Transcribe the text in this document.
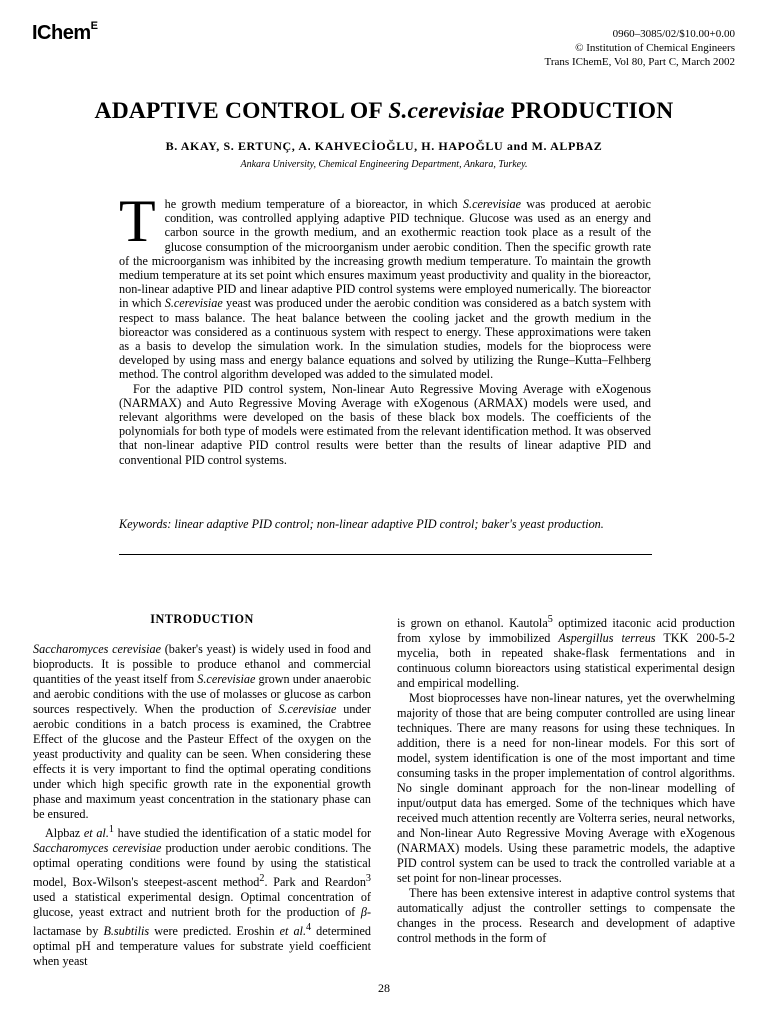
IChem$^E$
0960–3085/02/$10.00+0.00
© Institution of Chemical Engineers
Trans IChemE, Vol 80, Part C, March 2002
ADAPTIVE CONTROL OF S.cerevisiae PRODUCTION
B. AKAY, S. ERTUNÇ, A. KAHVECİOĞLU, H. HAPOĞLU and M. ALPBAZ
Ankara University, Chemical Engineering Department, Ankara, Turkey.

The growth medium temperature of a bioreactor, in which S.cerevisiae was produced at aerobic condition, was controlled applying adaptive PID technique. Glucose was used as an energy and carbon source in the growth medium, and an exothermic reaction took place as a result of the glucose consumption of the microorganism under aerobic condition. Then the specific growth rate of the microorganism was inhibited by the increasing growth medium temperature. To maintain the growth medium temperature at its set point which ensures maximum yeast productivity and quality in the bioreactor, non-linear adaptive PID and linear adaptive PID control systems were employed numerically. The bioreactor in which S.cerevisiae yeast was produced under the aerobic condition was considered as a batch system with respect to mass balance. The heat balance between the cooling jacket and the growth medium in the bioreactor was considered as a continuous system with respect to energy. These approximations were taken as a basis to develop the simulation work. In the simulation studies, models for the bioprocess were developed by using mass and energy balance equations and solved by utilizing the Runge–Kutta–Felhberg method. The control algorithm developed was added to the simulated model.

For the adaptive PID control system, Non-linear Auto Regressive Moving Average with eXogenous (NARMAX) and Auto Regressive Moving Average with eXogenous (ARMAX) models were used, and relevant algorithms were developed on the basis of these black box models. The coefficients of the polynomials for both type of models were estimated from the relevant identification method. It was observed that non-linear adaptive PID control results were better than the results of linear adaptive PID and conventional PID control systems.

Keywords: linear adaptive PID control; non-linear adaptive PID control; baker's yeast production.

INTRODUCTION

Saccharomyces cerevisiae (baker's yeast) is widely used in food and bioproducts. It is possible to produce ethanol and commercial quantities of the yeast itself from S.cerevisiae grown under anaerobic and aerobic conditions with the use of molasses or glucose as carbon sources respectively. When the production of S.cerevisiae under aerobic conditions in a batch process is examined, the Crabtree Effect of the glucose and the Pasteur Effect of the oxygen on the yeast productivity and quality can be seen. When considering these effects it is very important to find the optimal operating conditions under which high specific growth rate in the exponential growth phase and maximum yeast concentration in the stationary phase can be ensured.

Alpbaz et al.$^1$ have studied the identification of a static model for Saccharomyces cerevisiae production under aerobic conditions. The optimal operating conditions were found by using the statistical model, Box-Wilson's steepest-ascent method$^2$. Park and Reardon$^3$ used a statistical experimental design. Optimal concentration of glucose, yeast extract and nutrient broth for the production of β-lactamase by B.subtilis were predicted. Eroshin et al.$^4$ determined optimal pH and temperature values for substrate yield coefficient when yeast

is grown on ethanol. Kautola$^5$ optimized itaconic acid production from xylose by immobilized Aspergillus terreus TKK 200-5-2 mycelia, both in repeated shake-flask fermentations and in continuous column bioreactors using statistical experimental design and empirical modelling.

Most bioprocesses have non-linear natures, yet the overwhelming majority of those that are being computer controlled are using linear techniques. There are many reasons for using these techniques. In addition, there is a need for non-linear models. For this sort of model, system identification is one of the most important and time consuming tasks in the proper implementation of control algorithms. No single dominant approach for the non-linear modelling of input/output data has emerged. Some of the techniques which have received much attention recently are Volterra series, neural networks, and Non-linear Auto Regressive Moving Average with eXogenous (NARMAX) models. Using these parametric models, the adaptive PID control system can be used to track the controlled variable at a set point for non-linear processes.

There has been extensive interest in adaptive control systems that automatically adjust the controller settings to compensate the changes in the process. Research and development of adaptive control methods in the form of

28
